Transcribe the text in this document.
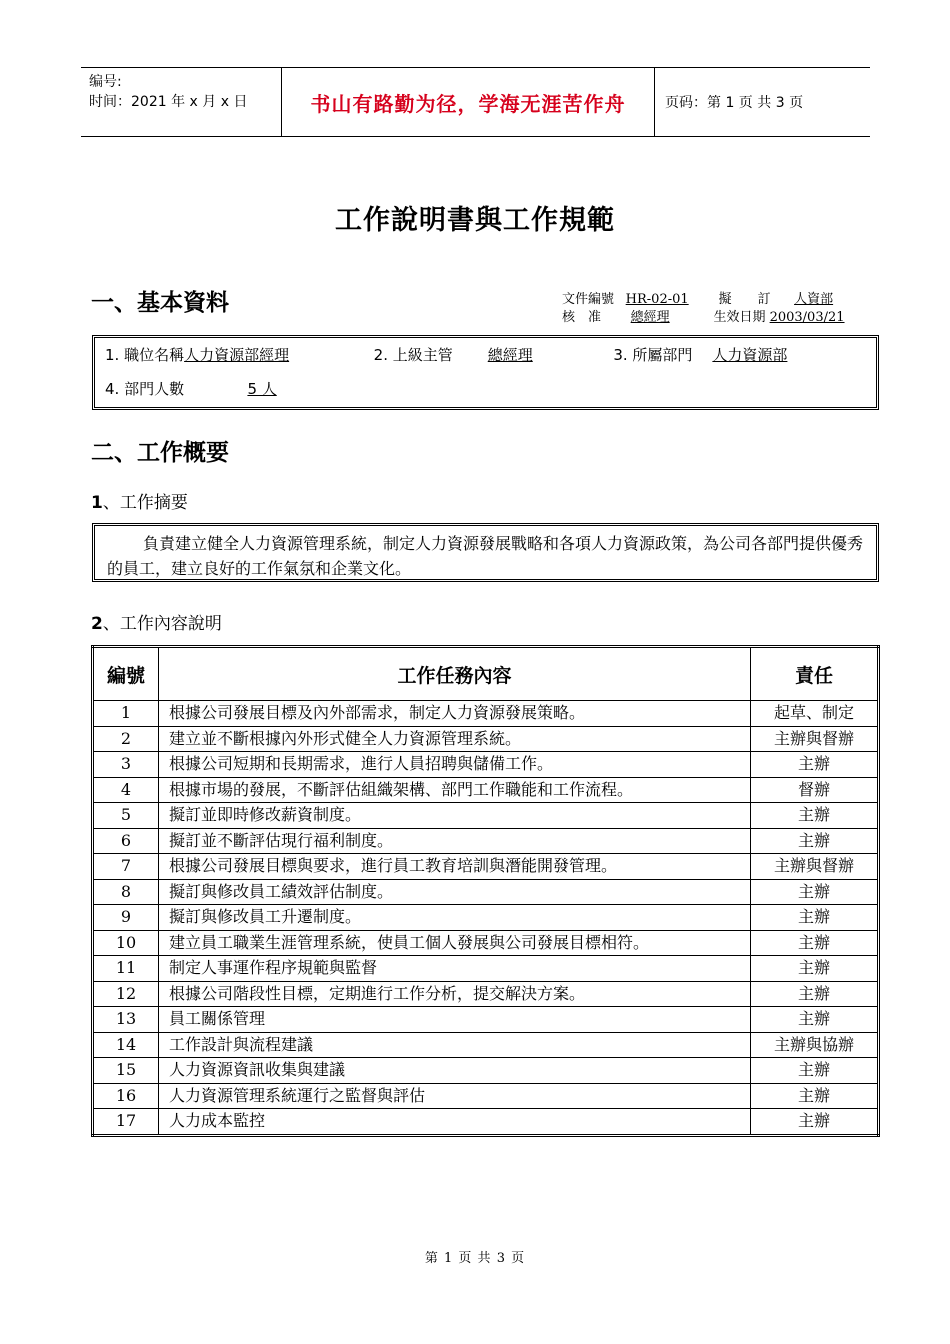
编号:
时间：2021 年 x 月 x 日	书山有路勤为径，学海无涯苦作舟	页码：第 1 页 共 3 页
工作說明書與工作規範
一、基本資料	文件編號 HR-02-01 擬　　訂 人資部
核　准 總經理	生效日期 2003/03/21
1. 職位名稱人力資源部經理	2. 上級主管 總經理	3. 所屬部門 人力資源部
4. 部門人數	5 人
二、工作概要
1、工作摘要
負責建立健全人力資源管理系統，制定人力資源發展戰略和各項人力資源政策，為公司各部門提供優秀的員工，建立良好的工作氣氛和企業文化。
2、工作內容說明
編號	工作任務內容	責任
1	根據公司發展目標及內外部需求，制定人力資源發展策略。	起草、制定
2	建立並不斷根據內外形式健全人力資源管理系統。	主辦與督辦
3	根據公司短期和長期需求，進行人員招聘與儲備工作。	主辦
4	根據市場的發展，不斷評估組織架構、部門工作職能和工作流程。	督辦
5	擬訂並即時修改薪資制度。	主辦
6	擬訂並不斷評估現行福利制度。	主辦
7	根據公司發展目標與要求，進行員工教育培訓與潛能開發管理。	主辦與督辦
8	擬訂與修改員工績效評估制度。	主辦
9	擬訂與修改員工升遷制度。	主辦
10	建立員工職業生涯管理系統，使員工個人發展與公司發展目標相符。	主辦
11	制定人事運作程序規範與監督	主辦
12	根據公司階段性目標，定期進行工作分析，提交解決方案。	主辦
13	員工關係管理	主辦
14	工作設計與流程建議	主辦與協辦
15	人力資源資訊收集與建議	主辦
16	人力資源管理系統運行之監督與評估	主辦
17	人力成本監控	主辦
第 1 页 共 3 页
